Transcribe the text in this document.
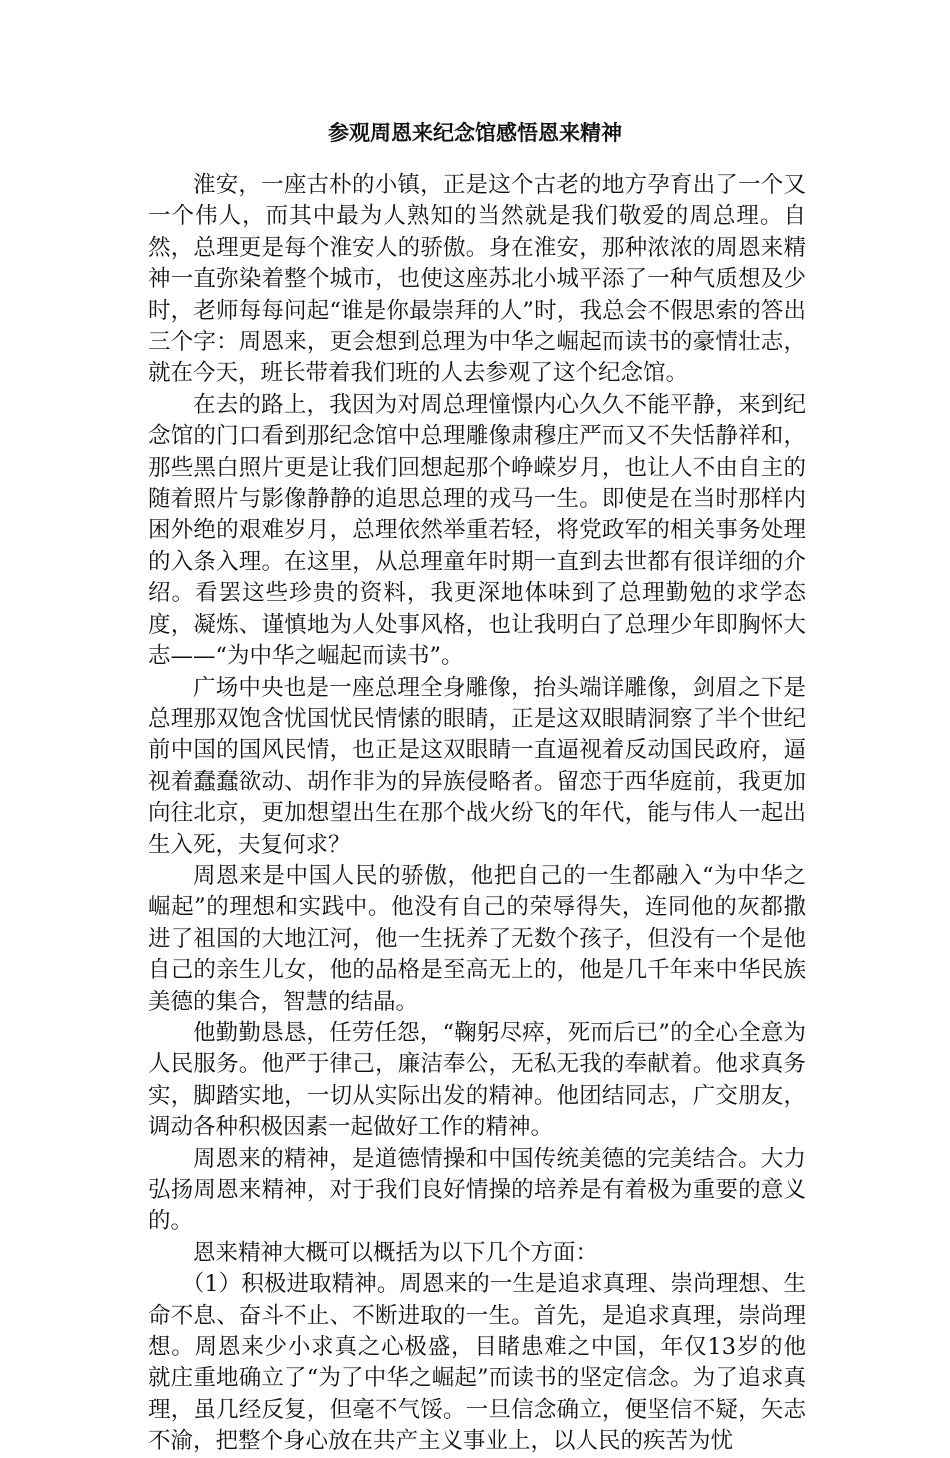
参观周恩来纪念馆感悟恩来精神

淮安，一座古朴的小镇，正是这个古老的地方孕育出了一个又一个伟人，而其中最为人熟知的当然就是我们敬爱的周总理。自然，总理更是每个淮安人的骄傲。身在淮安，那种浓浓的周恩来精神一直弥染着整个城市，也使这座苏北小城平添了一种气质想及少时，老师每每问起“谁是你最崇拜的人”时，我总会不假思索的答出三个字：周恩来，更会想到总理为中华之崛起而读书的豪情壮志，就在今天，班长带着我们班的人去参观了这个纪念馆。

在去的路上，我因为对周总理憧憬内心久久不能平静，来到纪念馆的门口看到那纪念馆中总理雕像肃穆庄严而又不失恬静祥和，那些黑白照片更是让我们回想起那个峥嵘岁月，也让人不由自主的随着照片与影像静静的追思总理的戎马一生。即使是在当时那样内困外绝的艰难岁月，总理依然举重若轻，将党政军的相关事务处理的入条入理。在这里，从总理童年时期一直到去世都有很详细的介绍。看罢这些珍贵的资料，我更深地体味到了总理勤勉的求学态度，凝炼、谨慎地为人处事风格，也让我明白了总理少年即胸怀大志——“为中华之崛起而读书”。

广场中央也是一座总理全身雕像，抬头端详雕像，剑眉之下是总理那双饱含忧国忧民情愫的眼睛，正是这双眼睛洞察了半个世纪前中国的国风民情，也正是这双眼睛一直逼视着反动国民政府，逼视着蠢蠢欲动、胡作非为的异族侵略者。留恋于西华庭前，我更加向往北京，更加想望出生在那个战火纷飞的年代，能与伟人一起出生入死，夫复何求？

周恩来是中国人民的骄傲，他把自己的一生都融入“为中华之崛起”的理想和实践中。他没有自己的荣辱得失，连同他的灰都撒进了祖国的大地江河，他一生抚养了无数个孩子，但没有一个是他自己的亲生儿女，他的品格是至高无上的，他是几千年来中华民族美德的集合，智慧的结晶。

他勤勤恳恳，任劳任怨，“鞠躬尽瘁，死而后已”的全心全意为人民服务。他严于律己，廉洁奉公，无私无我的奉献着。他求真务实，脚踏实地，一切从实际出发的精神。他团结同志，广交朋友，调动各种积极因素一起做好工作的精神。

周恩来的精神，是道德情操和中国传统美德的完美结合。大力弘扬周恩来精神，对于我们良好情操的培养是有着极为重要的意义的。

恩来精神大概可以概括为以下几个方面：

（1）积极进取精神。周恩来的一生是追求真理、崇尚理想、生命不息、奋斗不止、不断进取的一生。首先，是追求真理，崇尚理想。周恩来少小求真之心极盛，目睹患难之中国，年仅13岁的他就庄重地确立了“为了中华之崛起”而读书的坚定信念。为了追求真理，虽几经反复，但毫不气馁。一旦信念确立，便坚信不疑，矢志不渝，把整个身心放在共产主义事业上，以人民的疾苦为忧
